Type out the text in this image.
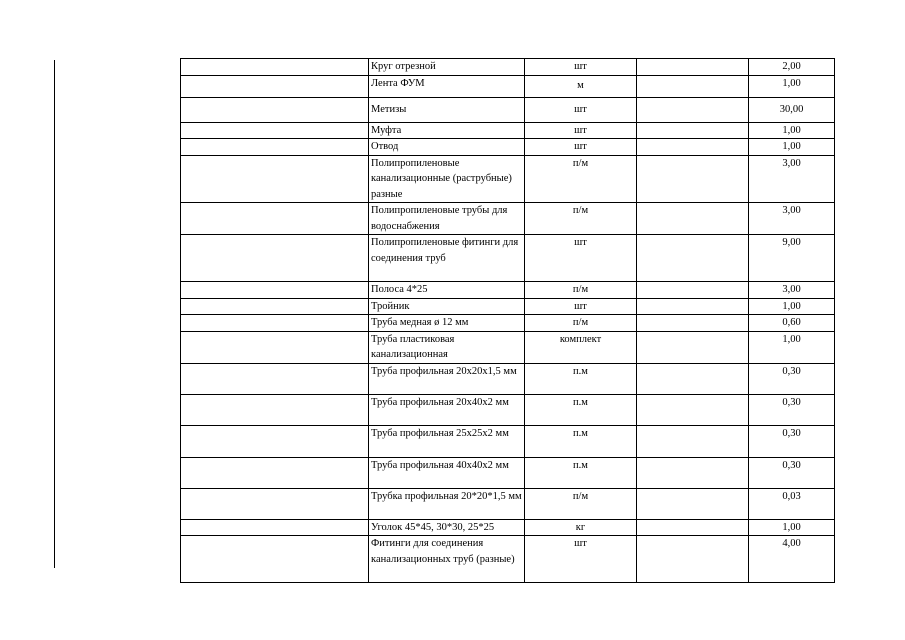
	Круг отрезной	шт		2,00
	Лента ФУМ	м		1,00
	Метизы	шт		30,00
	Муфта	шт		1,00
	Отвод	шт		1,00
	Полипропиленовые канализационные (раструбные) разные	п/м		3,00
	Полипропиленовые трубы для водоснабжения	п/м		3,00
	Полипропиленовые фитинги для соединения труб	шт		9,00
	Полоса 4*25	п/м		3,00
	Тройник	шт		1,00
	Труба медная ø 12 мм	п/м		0,60
	Труба пластиковая канализационная	комплект		1,00
	Труба профильная 20х20х1,5 мм	п.м		0,30
	Труба профильная 20х40х2 мм	п.м		0,30
	Труба профильная 25х25х2 мм	п.м		0,30
	Труба профильная 40х40х2 мм	п.м		0,30
	Трубка профильная 20*20*1,5 мм	п/м		0,03
	Уголок 45*45, 30*30, 25*25	кг		1,00
	Фитинги для соединения канализационных труб (разные)	шт		4,00
